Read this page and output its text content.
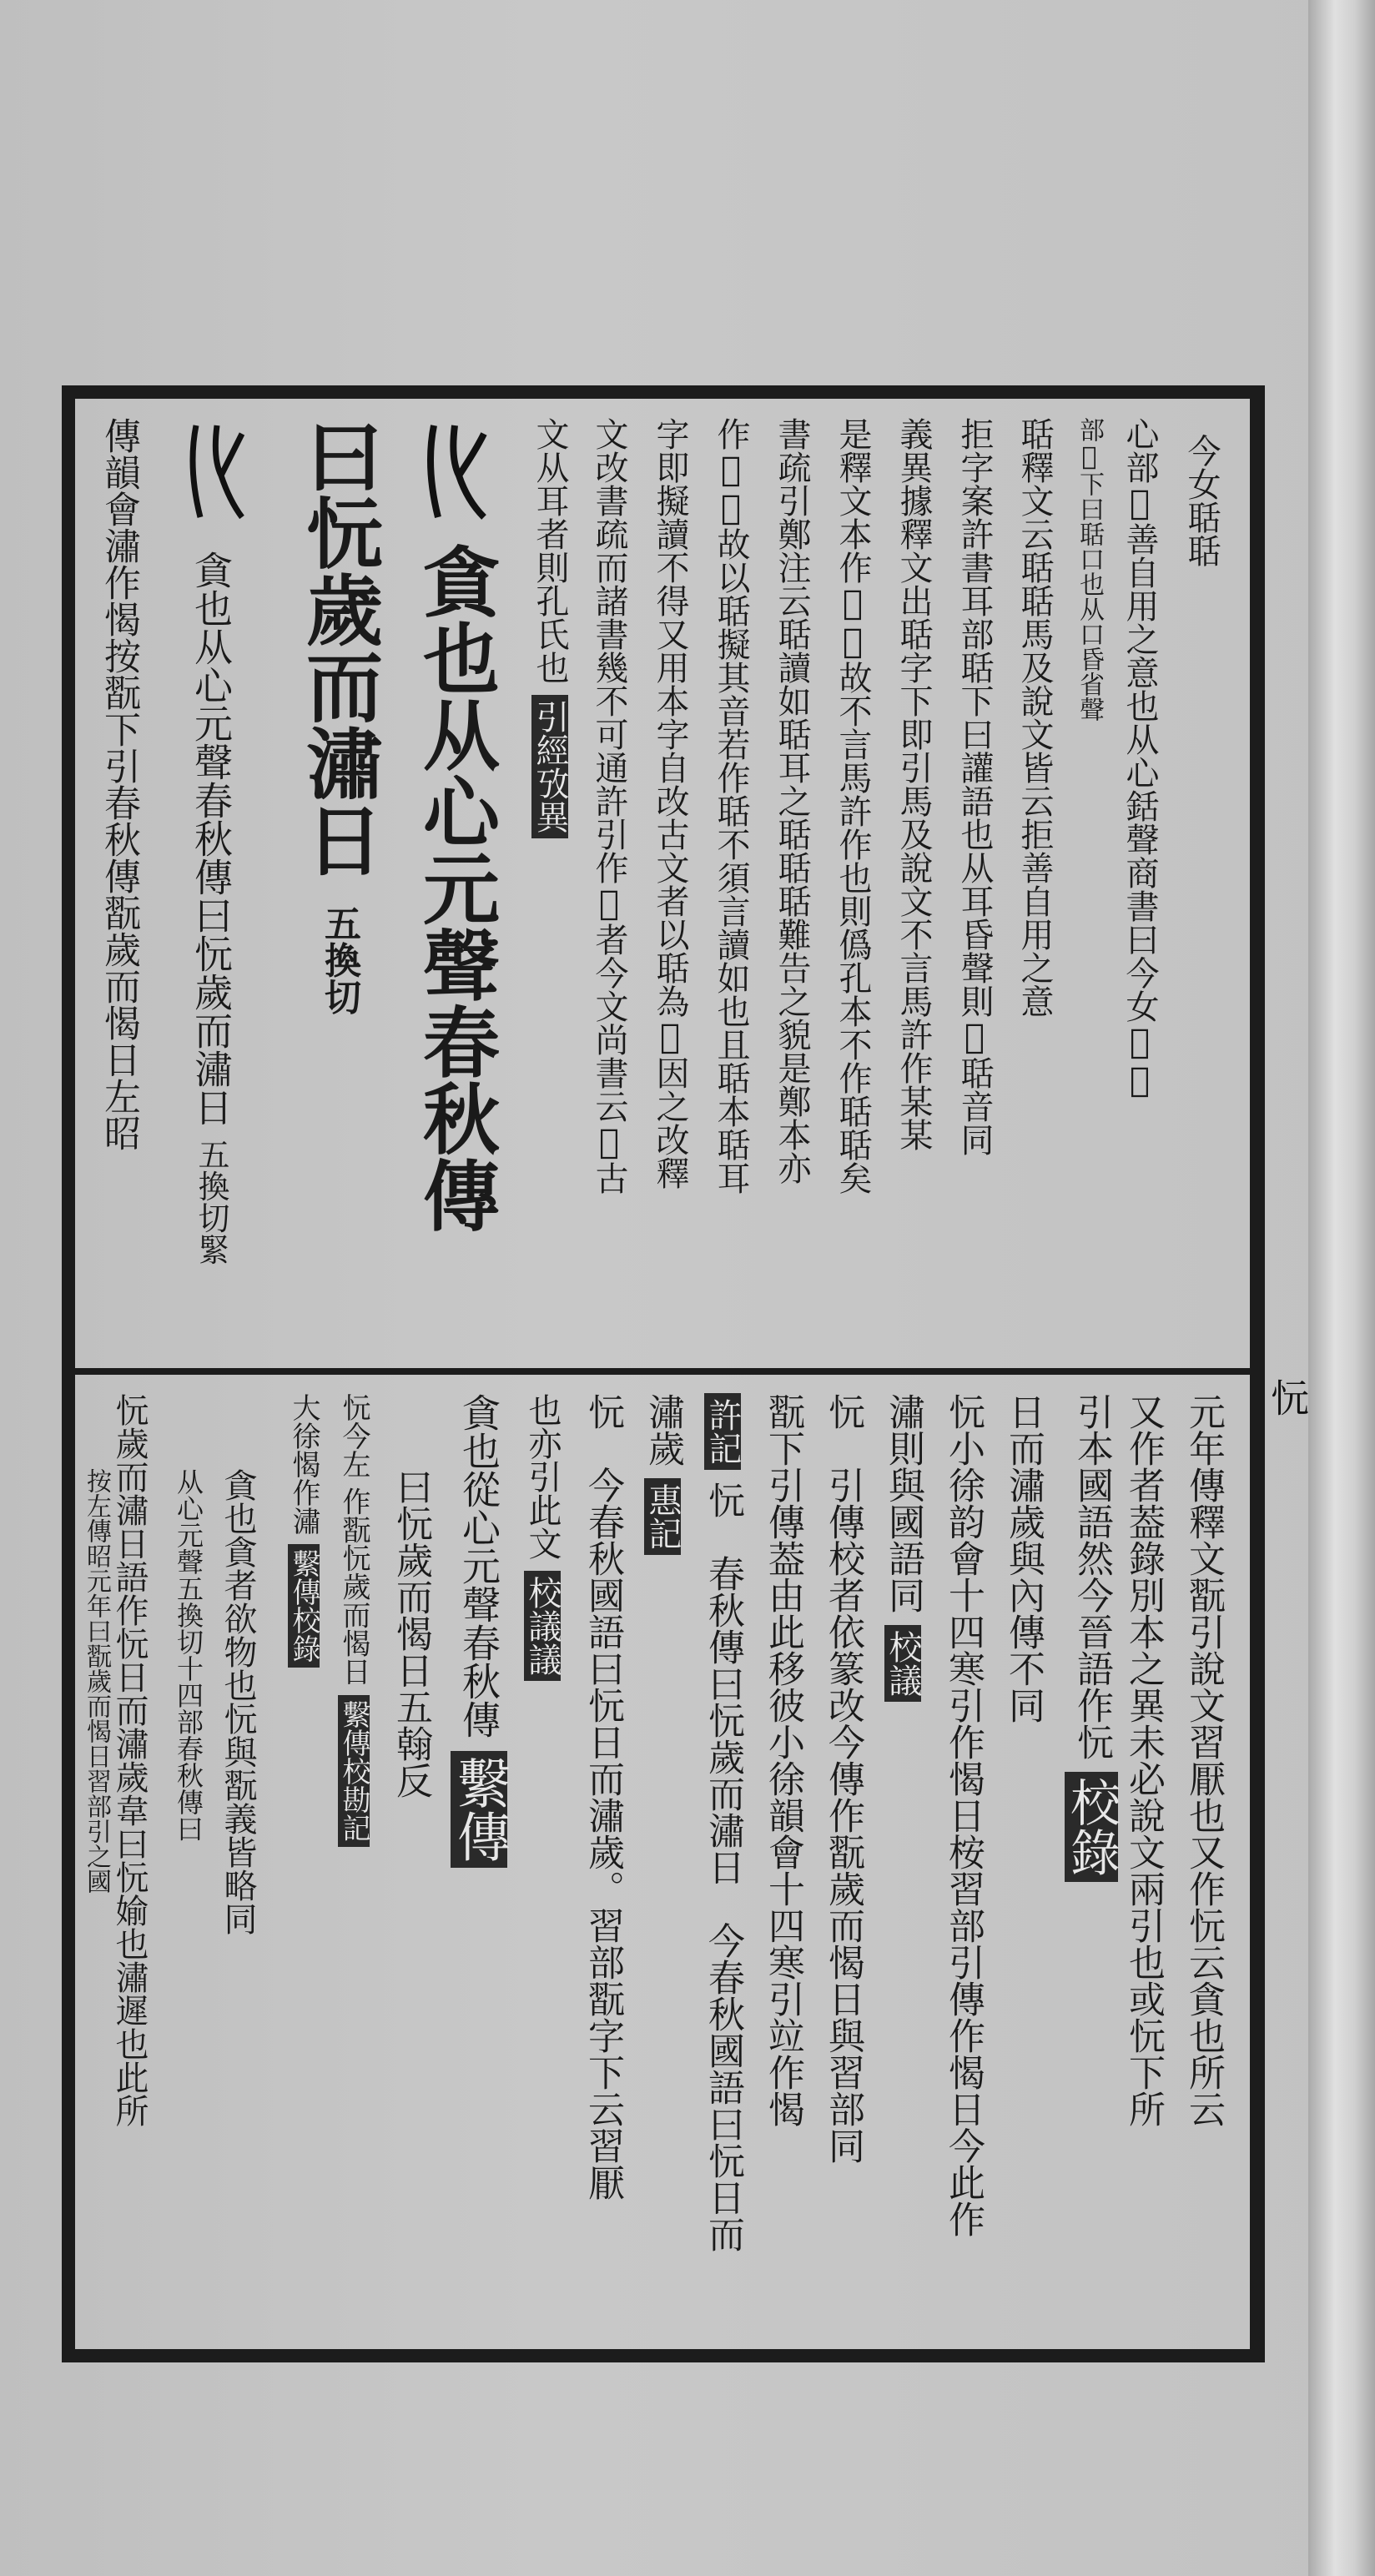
忨
今女聒聒
心部𢡤善自用之意也从心銛聲商書曰今女𢡤𢡤
部𢡤下曰聒口也从口昏省聲
聒釋文云聒聒馬及說文皆云拒善自用之意
拒字案許書耳部聒下曰讙語也从耳昏聲則𢡤聒音同
義異據釋文出聒字下即引馬及說文不言馬許作某某
是釋文本作𢡤𢡤故不言馬許作也則僞孔本不作聒聒矣
書疏引鄭注云聒讀如聒耳之聒聒聒難告之貌是鄭本亦
作𢡤𢡤故以聒擬其音若作聒不須言讀如也且聒本聒耳
字即擬讀不得又用本字自改古文者以聒為𢡤因之改釋
文改書疏而諸書幾不可通許引作𢡤者今文尚書云𢡤古
文从耳者則孔氏也 引經攷異
貪也从心元聲春秋傳
曰忨歲而潚日 五換切
貪也从心元聲春秋傳曰忨歲而潚日 五換切緊
傳韻會潚作愒按翫下引春秋傳翫歲而愒日左昭
元年傳釋文翫引說文習厭也又作忨云貪也所云
又作者葢錄別本之異未必說文兩引也或忨下所
引本國語然今晉語作忨 校錄
日而潚歲與內傳不同
忨小徐韵會十四寒引作愒日桉習部引傳作愒日今此作
潚則與國語同 校議
忨　引傳校者依篆改今傳作翫歲而愒日與習部同
翫下引傳葢由此移彼小徐韻會十四寒引竝作愒
許記 忨　春秋傳曰忨歲而潚日　今春秋國語曰忨日而
潚歲 惠記
忨　今春秋國語曰忨日而潚歲。習部翫字下云習厭
也亦引此文 校議議
貪也從心元聲春秋傳 繫傳
曰忨歲而愒日五翰反
忨今左 作翫忨歲而愒日 繫傳校勘記
大徐愒作潚 繫傳校錄
貪也貪者欲物也忨與翫義皆略同
从心元聲五換切十四部春秋傳曰
忨歲而潚日語作忨日而潚歲韋曰忨媮也潚遲也此所
按左傳昭元年曰翫歲而愒日習部引之國
